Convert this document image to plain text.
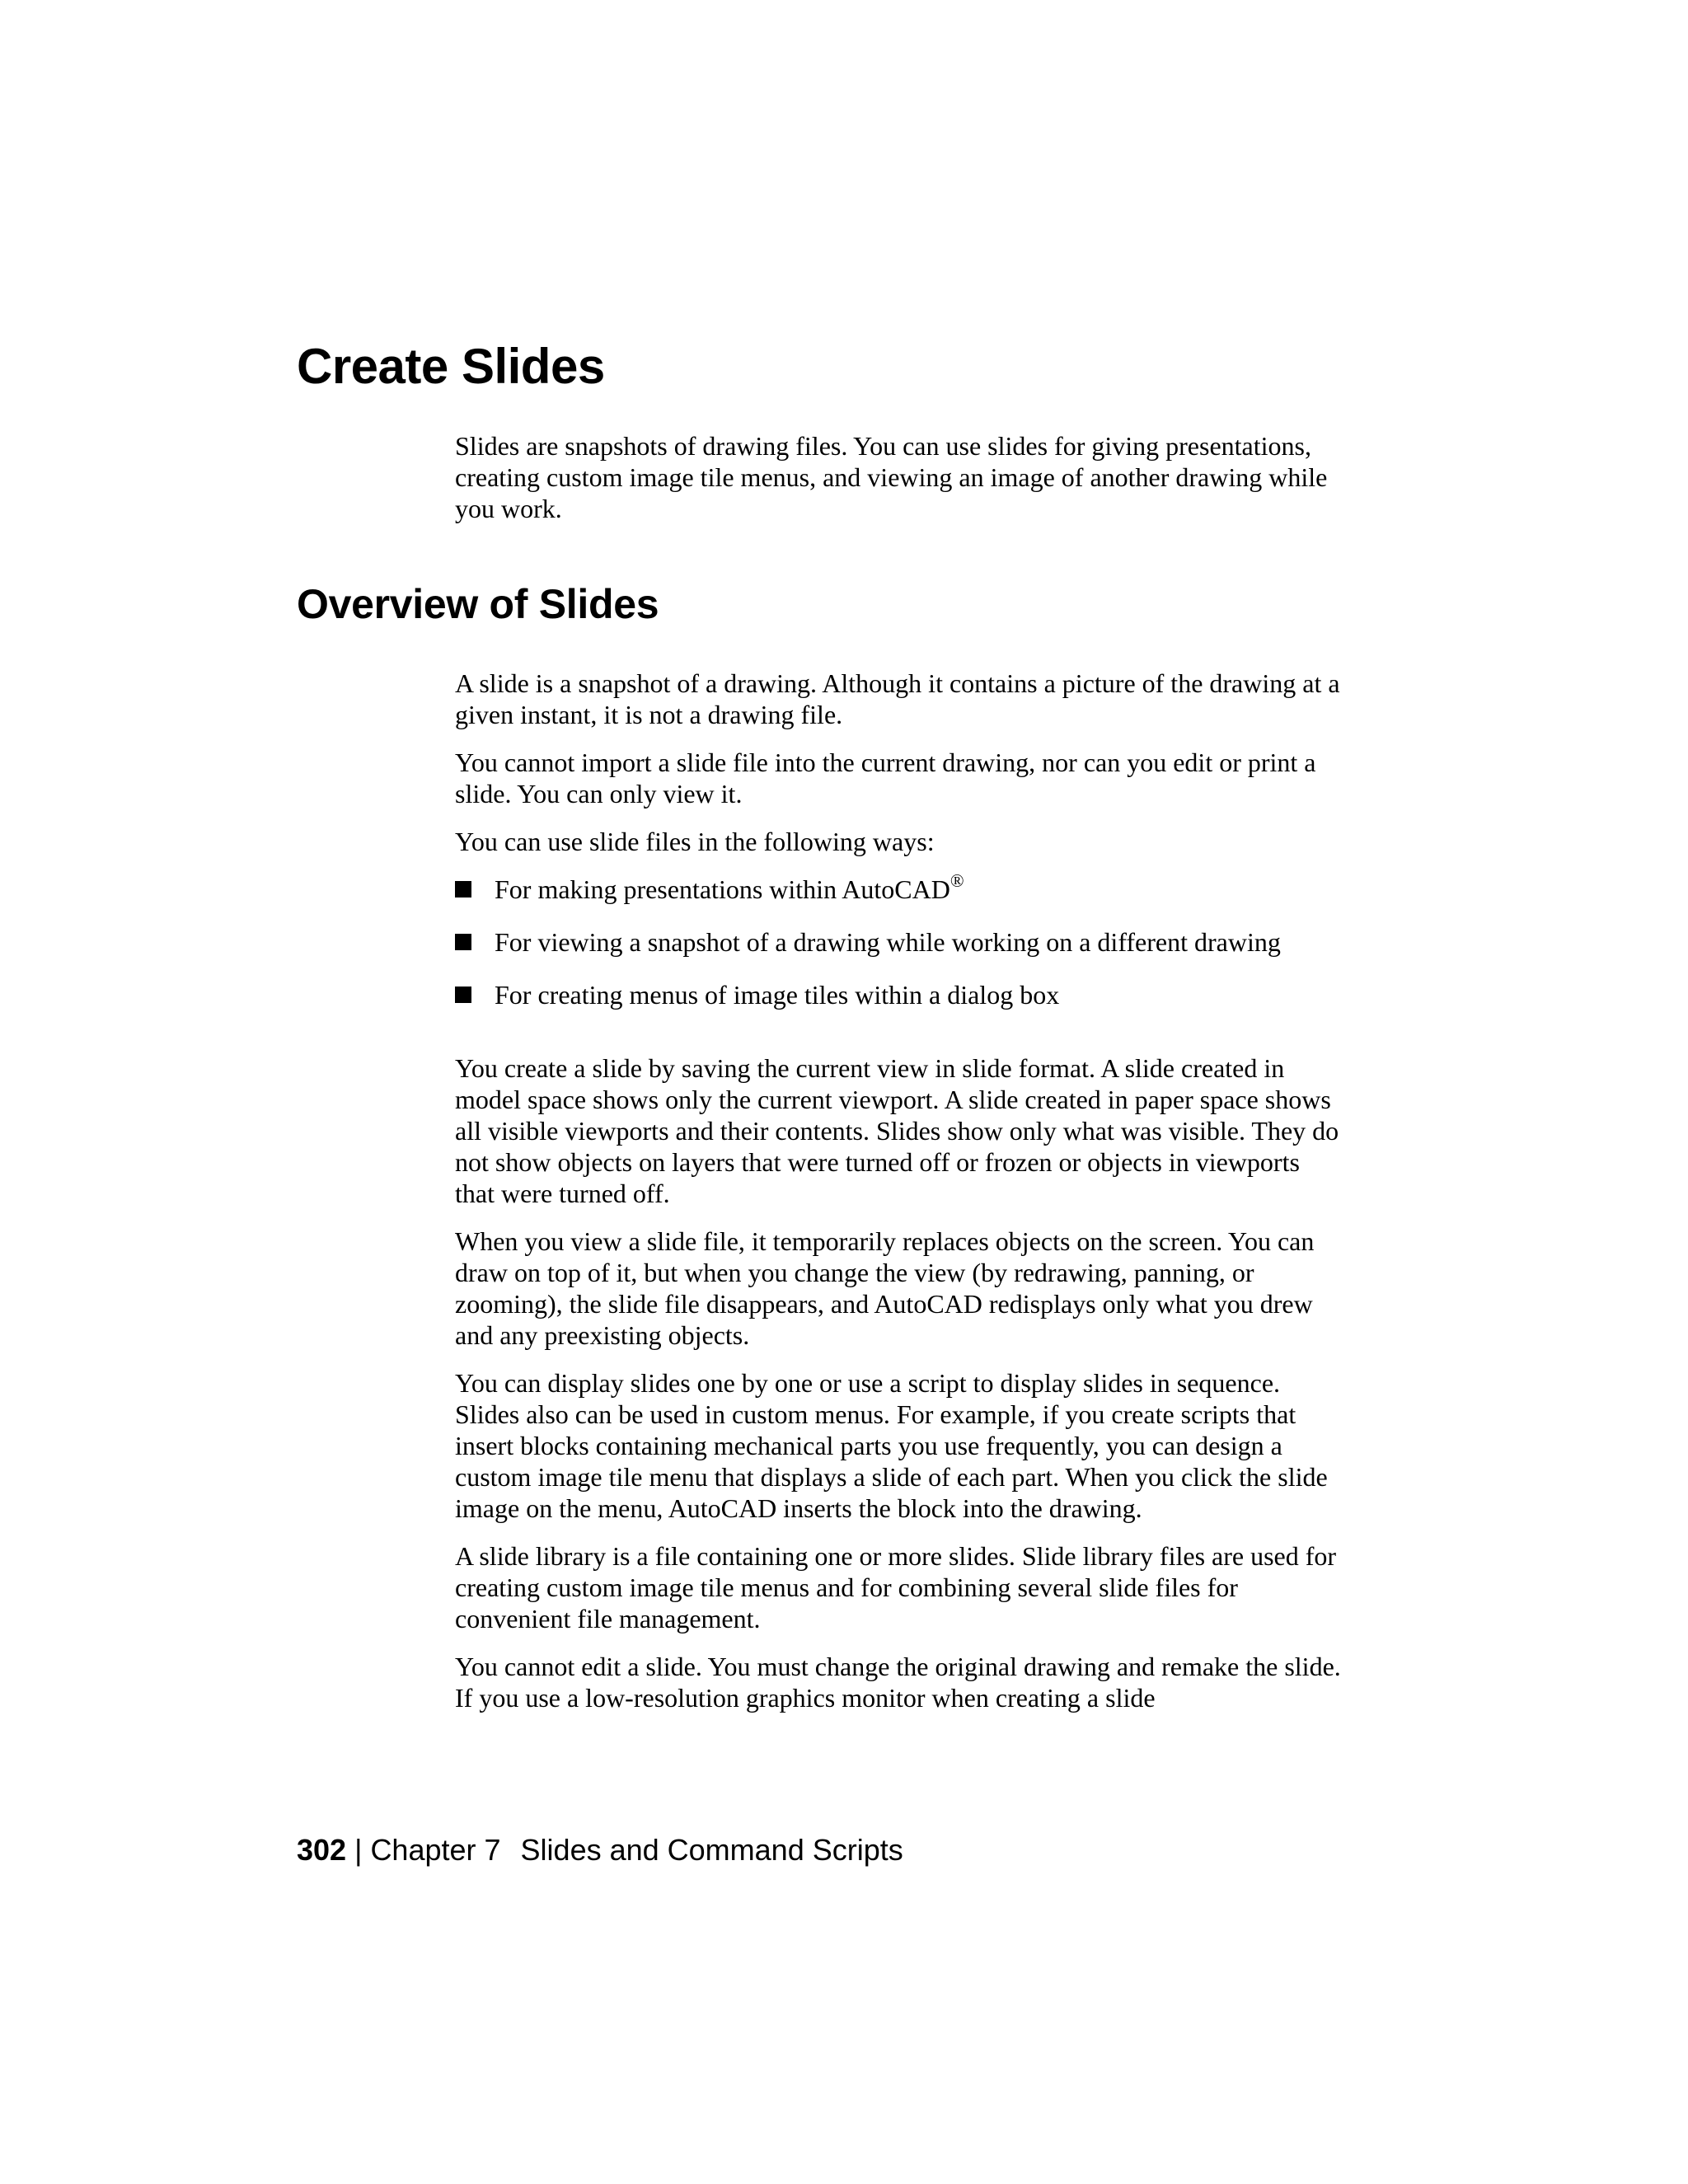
Create Slides

Slides are snapshots of drawing files. You can use slides for giving presentations, creating custom image tile menus, and viewing an image of another drawing while you work.

Overview of Slides

A slide is a snapshot of a drawing. Although it contains a picture of the drawing at a given instant, it is not a drawing file.

You cannot import a slide file into the current drawing, nor can you edit or print a slide. You can only view it.

You can use slide files in the following ways:

For making presentations within AutoCAD®
For viewing a snapshot of a drawing while working on a different drawing
For creating menus of image tiles within a dialog box

You create a slide by saving the current view in slide format. A slide created in model space shows only the current viewport. A slide created in paper space shows all visible viewports and their contents. Slides show only what was visible. They do not show objects on layers that were turned off or frozen or objects in viewports that were turned off.

When you view a slide file, it temporarily replaces objects on the screen. You can draw on top of it, but when you change the view (by redrawing, panning, or zooming), the slide file disappears, and AutoCAD redisplays only what you drew and any preexisting objects.

You can display slides one by one or use a script to display slides in sequence. Slides also can be used in custom menus. For example, if you create scripts that insert blocks containing mechanical parts you use frequently, you can design a custom image tile menu that displays a slide of each part. When you click the slide image on the menu, AutoCAD inserts the block into the drawing.

A slide library is a file containing one or more slides. Slide library files are used for creating custom image tile menus and for combining several slide files for convenient file management.

You cannot edit a slide. You must change the original drawing and remake the slide. If you use a low-resolution graphics monitor when creating a slide

302 | Chapter 7 Slides and Command Scripts
